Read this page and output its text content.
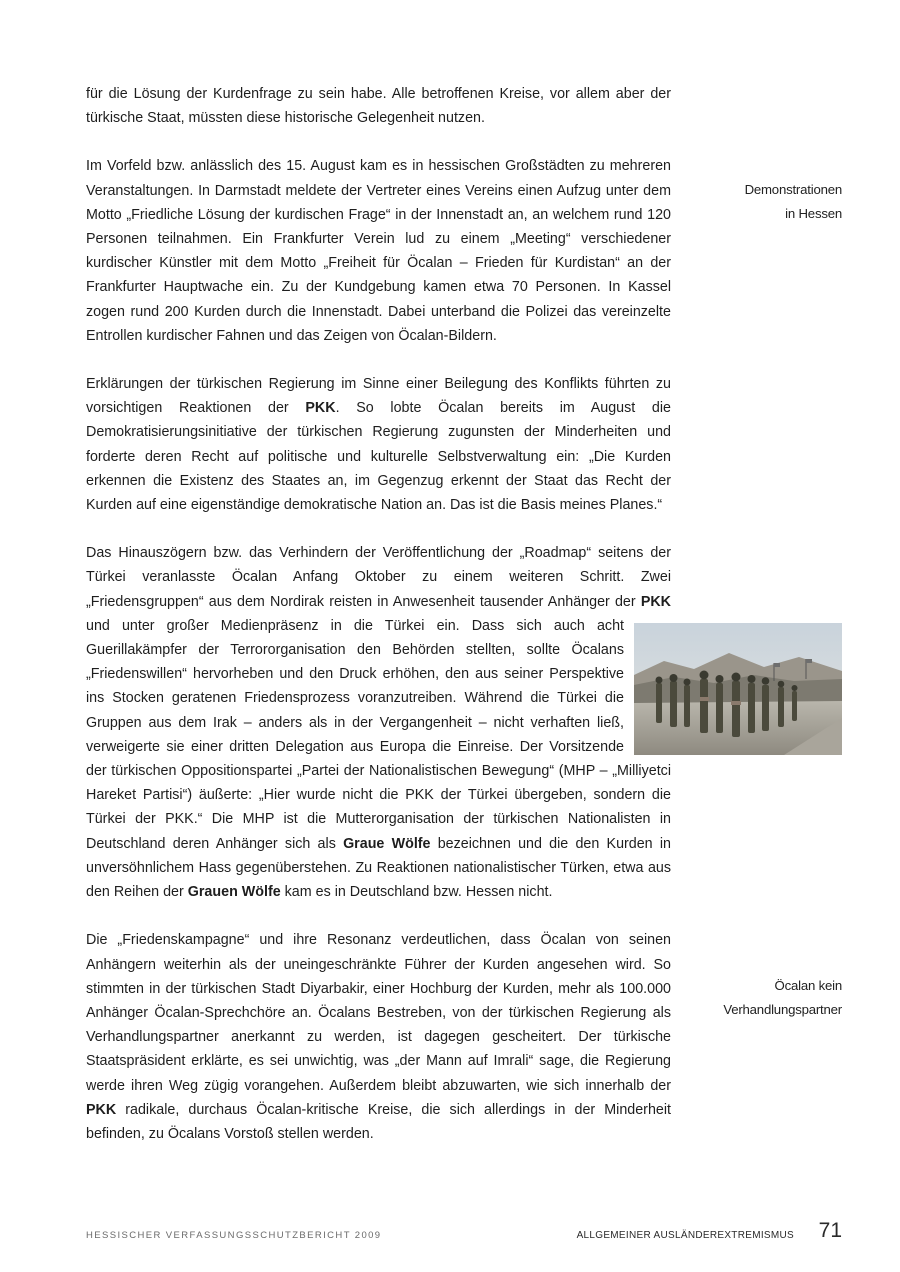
für die Lösung der Kurdenfrage zu sein habe. Alle betroffenen Kreise, vor allem aber der türkische Staat, müssten diese historische Gelegenheit nutzen.

Im Vorfeld bzw. anlässlich des 15. August kam es in hessischen Großstädten zu mehreren Veranstaltungen. In Darmstadt meldete der Vertreter eines Vereins einen Aufzug unter dem Motto „Friedliche Lösung der kurdischen Frage“ in der Innenstadt an, an welchem rund 120 Personen teilnahmen. Ein Frankfurter Verein lud zu einem „Meeting“ verschiedener kurdischer Künstler mit dem Motto „Freiheit für Öcalan – Frieden für Kurdistan“ an der Frankfurter Hauptwache ein. Zu der Kundgebung kamen etwa 70 Personen. In Kassel zogen rund 200 Kurden durch die Innenstadt. Dabei unterband die Polizei das vereinzelte Entrollen kurdischer Fahnen und das Zeigen von Öcalan-Bildern.

Erklärungen der türkischen Regierung im Sinne einer Beilegung des Konflikts führten zu vorsichtigen Reaktionen der PKK. So lobte Öcalan bereits im August die Demokratisierungsinitiative der türkischen Regierung zugunsten der Minderheiten und forderte deren Recht auf politische und kulturelle Selbstverwaltung ein: „Die Kurden erkennen die Existenz des Staates an, im Gegenzug erkennt der Staat das Recht der Kurden auf eine eigenständige demokratische Nation an. Das ist die Basis meines Planes.“

Das Hinauszögern bzw. das Verhindern der Veröffentlichung der „Roadmap“ seitens der Türkei veranlasste Öcalan Anfang Oktober zu einem weiteren Schritt. Zwei „Friedensgruppen“ aus dem Nordirak reisten in Anwesenheit tausender Anhänger der
PKK und unter großer Medienpräsenz in die Türkei ein. Dass sich auch acht Guerillakämpfer der Terrororganisation den Behörden stellten, sollte Öcalans „Friedenswillen“ hervorheben und den Druck erhöhen, den aus seiner Perspektive ins Stocken geratenen Friedensprozess voranzutreiben. Während die Türkei die Gruppen aus dem Irak – anders als in der Vergangenheit – nicht verhaften ließ, verweigerte sie einer dritten Delegation aus Europa die Einreise. Der Vorsitzende der türkischen Oppositionspartei „Partei der Nationalistischen Bewegung“ (MHP – „Milliyetci Hareket Partisi“) äußerte: „Hier wurde nicht die PKK der Türkei übergeben, sondern die Türkei der PKK.“ Die MHP ist die Mutterorganisation der türkischen Nationalisten in Deutschland deren Anhänger sich als Graue Wölfe bezeichnen und die den Kurden in unversöhnlichem Hass gegenüberstehen. Zu Reaktionen nationalistischer Türken, etwa aus den Reihen der Grauen Wölfe kam es in Deutschland bzw. Hessen nicht.

Die „Friedenskampagne“ und ihre Resonanz verdeutlichen, dass Öcalan von seinen Anhängern weiterhin als der uneingeschränkte Führer der Kurden angesehen wird. So stimmten in der türkischen Stadt Diyarbakir, einer Hochburg der Kurden, mehr als 100.000 Anhänger Öcalan-Sprechchöre an. Öcalans Bestreben, von der türkischen Regierung als Verhandlungspartner anerkannt zu werden, ist dagegen gescheitert. Der türkische Staatspräsident erklärte, es sei unwichtig, was „der Mann auf Imrali“ sage, die Regierung werde ihren Weg zügig vorangehen. Außerdem bleibt abzuwarten, wie sich innerhalb der PKK radikale, durchaus Öcalan-kritische Kreise, die sich allerdings in der Minderheit befinden, zu Öcalans Vorstoß stellen werden.

Demonstrationen
in Hessen
Öcalan kein
Verhandlungspartner
HESSISCHER VERFASSUNGSSCHUTZBERICHT 2009	ALLGEMEINER AUSLÄNDEREXTREMISMUS 71
